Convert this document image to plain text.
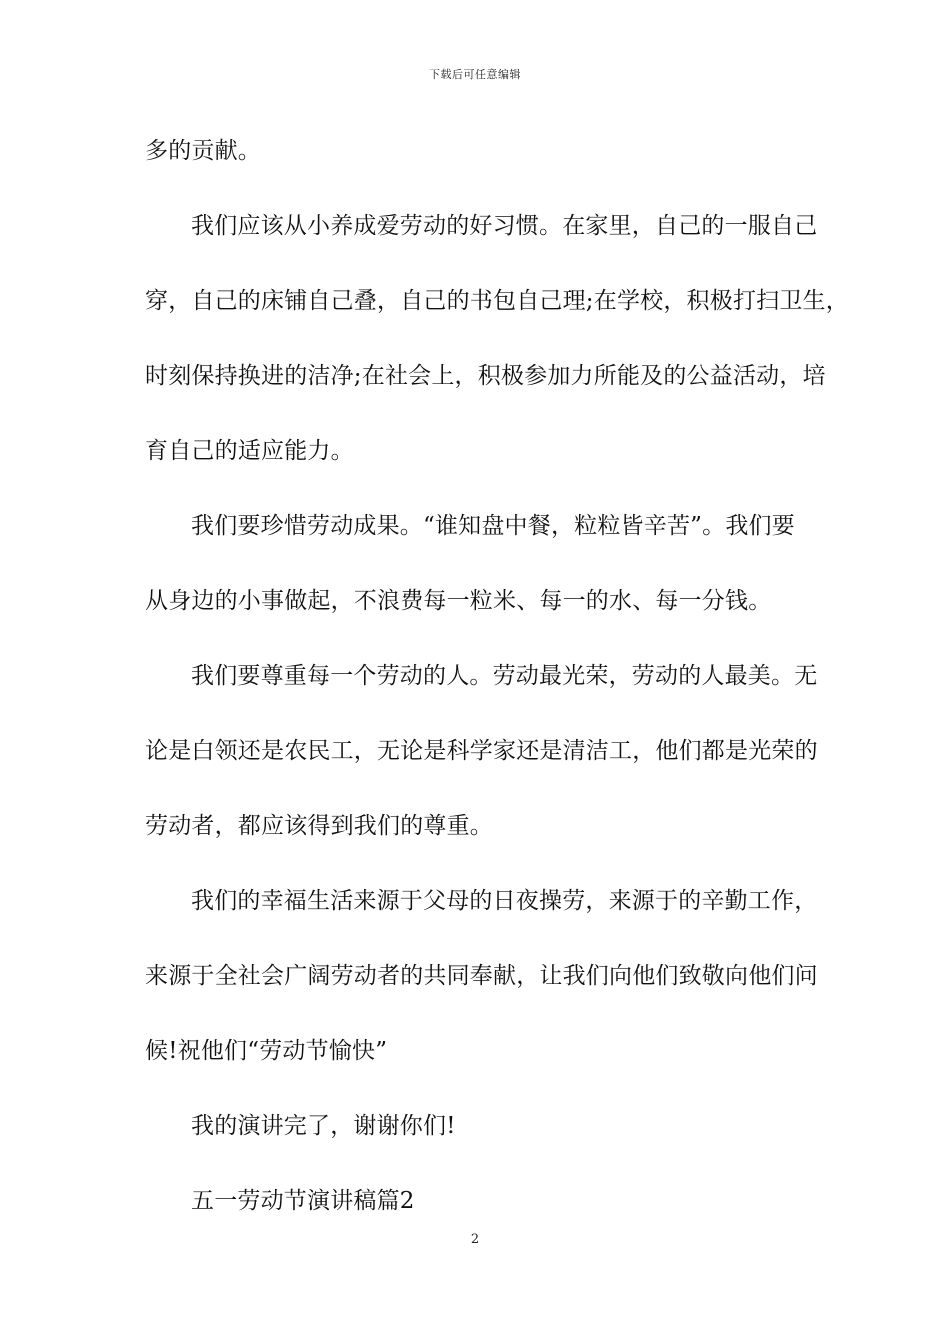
下载后可任意编辑
多的贡献。
我们应该从小养成爱劳动的好习惯。在家里，自己的一服自己
穿，自己的床铺自己叠，自己的书包自己理;在学校，积极打扫卫生，
时刻保持换进的洁净;在社会上，积极参加力所能及的公益活动，培
育自己的适应能力。
我们要珍惜劳动成果。“谁知盘中餐，粒粒皆辛苦”。我们要
从身边的小事做起，不浪费每一粒米、每一的水、每一分钱。
我们要尊重每一个劳动的人。劳动最光荣，劳动的人最美。无
论是白领还是农民工，无论是科学家还是清洁工，他们都是光荣的
劳动者，都应该得到我们的尊重。
我们的幸福生活来源于父母的日夜操劳，来源于的辛勤工作，
来源于全社会广阔劳动者的共同奉献，让我们向他们致敬向他们问
候!祝他们“劳动节愉快”
我的演讲完了，谢谢你们!
五一劳动节演讲稿篇2
2
